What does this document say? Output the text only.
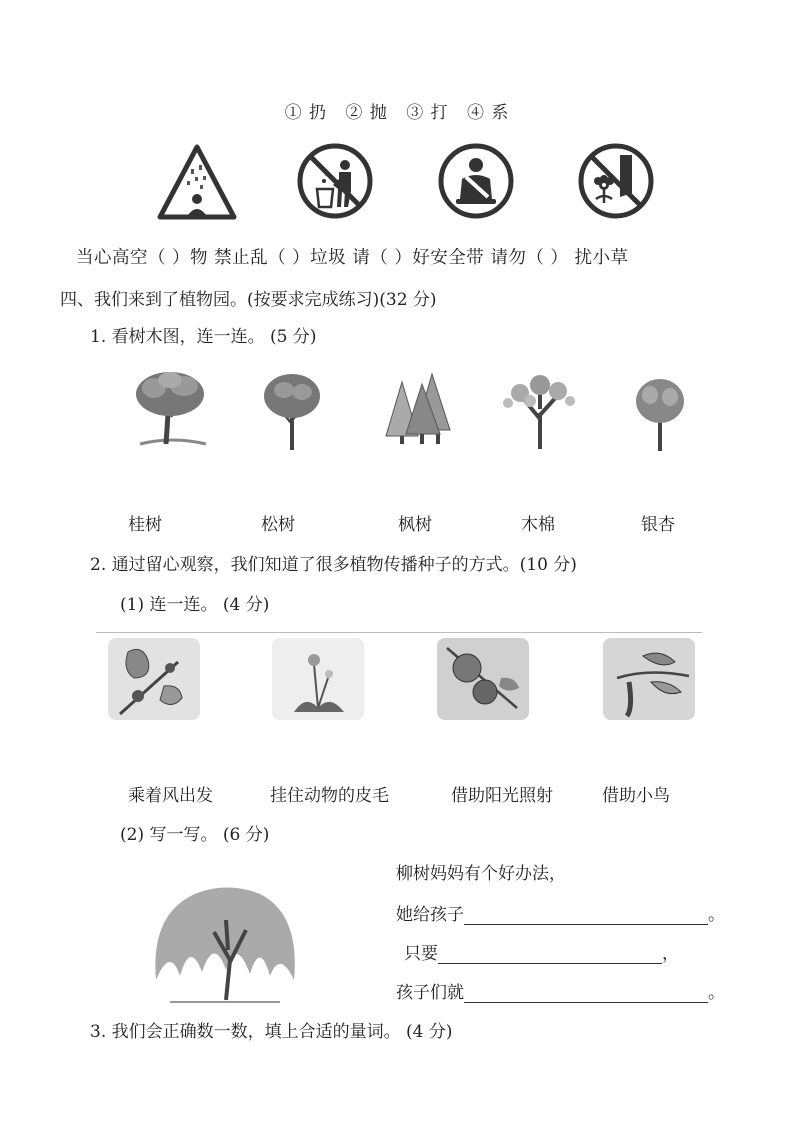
① 扔 ② 抛 ③ 打 ④ 系
当心高空（ ）物 禁止乱（ ）垃圾 请（ ）好安全带 请勿（ ） 扰小草
四、我们来到了植物园。(按要求完成练习)(32 分)
1. 看树木图，连一连。 (5 分)
桂树	松树	枫树	木棉	银杏
2. 通过留心观察，我们知道了很多植物传播种子的方式。(10 分)
(1) 连一连。 (4 分)
乘着风出发	挂住动物的皮毛	借助阳光照射	借助小鸟
(2) 写一写。 (6 分)
柳树妈妈有个好办法，
她给孩子	。
只要	，
孩子们就	。
3. 我们会正确数一数，填上合适的量词。 (4 分)
